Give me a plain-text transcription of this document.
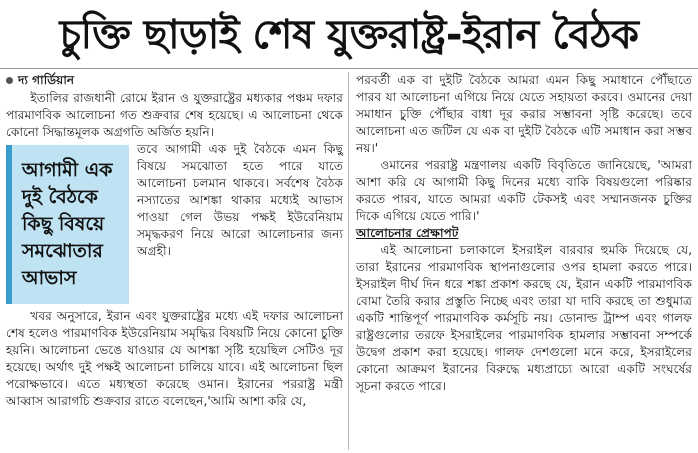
চুক্তি ছাড়াই শেষ যুক্তরাষ্ট্র-ইরান বৈঠক

দ্য গার্ডিয়ান

ইতালির রাজধানী রোমে ইরান ও যুক্তরাষ্ট্রের মধ্যকার পঞ্চম দফার পারমাণবিক আলোচনা গত শুক্রবার শেষ হয়েছে। এ আলোচনা থেকে কোনো সিদ্ধান্তমূলক অগ্রগতি অর্জিত হয়নি।

আগামী এক দুই বৈঠকে কিছু বিষয়ে সমঝোতার আভাস

তবে আগামী এক দুই বৈঠকে এমন কিছু বিষয়ে সমঝোতা হতে পারে যাতে আলোচনা চলমান থাকবে। সর্বশেষ বৈঠক নস্যাতের আশঙ্কা থাকার মধ্যেই আভাস পাওয়া গেল উভয় পক্ষই ইউরেনিয়াম সমৃদ্ধকরণ নিয়ে আরো আলোচনার জন্য অগ্রহী।

খবর অনুসারে, ইরান এবং যুক্তরাষ্ট্রের মধ্যে এই দফার আলোচনা শেষ হলেও পারমাণবিক ইউরেনিয়াম সমৃদ্ধির বিষয়টি নিয়ে কোনো চুক্তি হয়নি। আলোচনা ভেঙে যাওয়ার যে আশঙ্কা সৃষ্টি হয়েছিল সেটিও দূর হয়েছে। অর্থাৎ দুই পক্ষই আলোচনা চালিয়ে যাবে। এই আলোচনা ছিল পরোক্ষভাবে। এতে মধ্যস্থতা করেছে ওমান। ইরানের পররাষ্ট্র মন্ত্রী আব্বাস আরাগচি শুক্রবার রাতে বলেছেন,'আমি আশা করি যে,

পরবর্তী এক বা দুইটি বৈঠকে আমরা এমন কিছু সমাধানে পৌঁছাতে পারব যা আলোচনা এগিয়ে নিয়ে যেতে সহায়তা করবে। ওমানের দেয়া সমাধান চুক্তি পৌঁছার বাধা দূর করার সম্ভাবনা সৃষ্টি করেছে। তবে আলোচনা এত জটিল যে এক বা দুইটি বৈঠকে এটি সমাধান করা সম্ভব নয়।'

ওমানের পররাষ্ট্র মন্ত্রণালয় একটি বিবৃতিতে জানিয়েছে, 'আমরা আশা করি যে আগামী কিছু দিনের মধ্যে বাকি বিষয়গুলো পরিষ্কার করতে পারব, যাতে আমরা একটি টেকসই এবং সম্মানজনক চুক্তির দিকে এগিয়ে যেতে পারি।'

আলোচনার প্রেক্ষাপট

এই আলোচনা চলাকালে ইসরাইল বারবার হুমকি দিয়েছে যে, তারা ইরানের পারমাণবিক স্থাপনাগুলোর ওপর হামলা করতে পারে। ইসরাইল দীর্ঘ দিন ধরে শঙ্কা প্রকাশ করছে যে, ইরান একটি পারমাণবিক বোমা তৈরি করার প্রস্তুতি নিচ্ছে এবং তারা যা দাবি করছে তা শুধুমাত্র একটি শান্তিপূর্ণ পারমাণবিক কর্মসূচি নয়। ডোনাল্ড ট্রাম্প এবং গালফ রাষ্ট্রগুলোর তরফে ইসরাইলের পারমাণবিক হামলার সম্ভাবনা সম্পর্কে উদ্বেগ প্রকাশ করা হয়েছে। গালফ দেশগুলো মনে করে, ইসরাইলের কোনো আক্রমণ ইরানের বিরুদ্ধে মধ্যপ্রাচ্যে আরো একটি সংঘর্ষের সূচনা করতে পারে।
